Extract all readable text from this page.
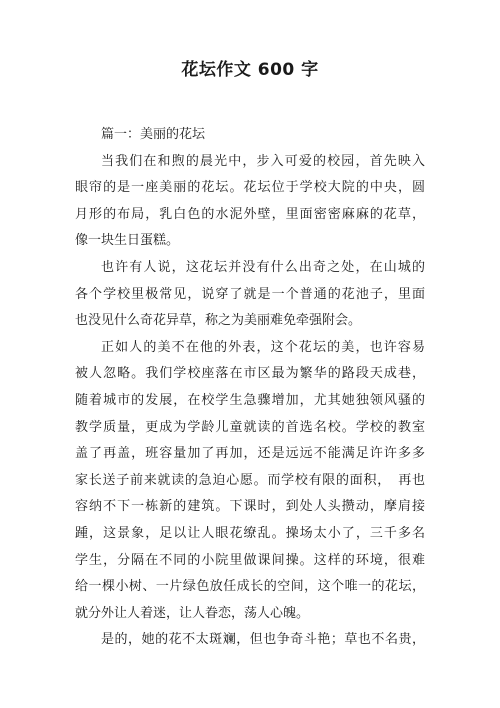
花坛作文 600 字
篇一：美丽的花坛
当我们在和煦的晨光中，步入可爱的校园，首先映入
眼帘的是一座美丽的花坛。花坛位于学校大院的中央，圆
月形的布局，乳白色的水泥外壁，里面密密麻麻的花草，
像一块生日蛋糕。
也许有人说，这花坛并没有什么出奇之处，在山城的
各个学校里极常见，说穿了就是一个普通的花池子，里面
也没见什么奇花异草，称之为美丽难免牵强附会。
正如人的美不在他的外表，这个花坛的美，也许容易
被人忽略。我们学校座落在市区最为繁华的路段天成巷，
随着城市的发展，在校学生急骤增加，尤其她独领风骚的
教学质量，更成为学龄儿童就读的首选名校。学校的教室
盖了再盖，班容量加了再加，还是远远不能满足许许多多
家长送子前来就读的急迫心愿。而学校有限的面积，　再也
容纳不下一栋新的建筑。下课时，到处人头攒动，摩肩接
踵，这景象，足以让人眼花缭乱。操场太小了，三千多名
学生，分隔在不同的小院里做课间操。这样的环境，很难
给一棵小树、一片绿色放任成长的空间，这个唯一的花坛，
就分外让人着迷，让人眷恋，荡人心魄。
是的，她的花不太斑斓，但也争奇斗艳；草也不名贵，
